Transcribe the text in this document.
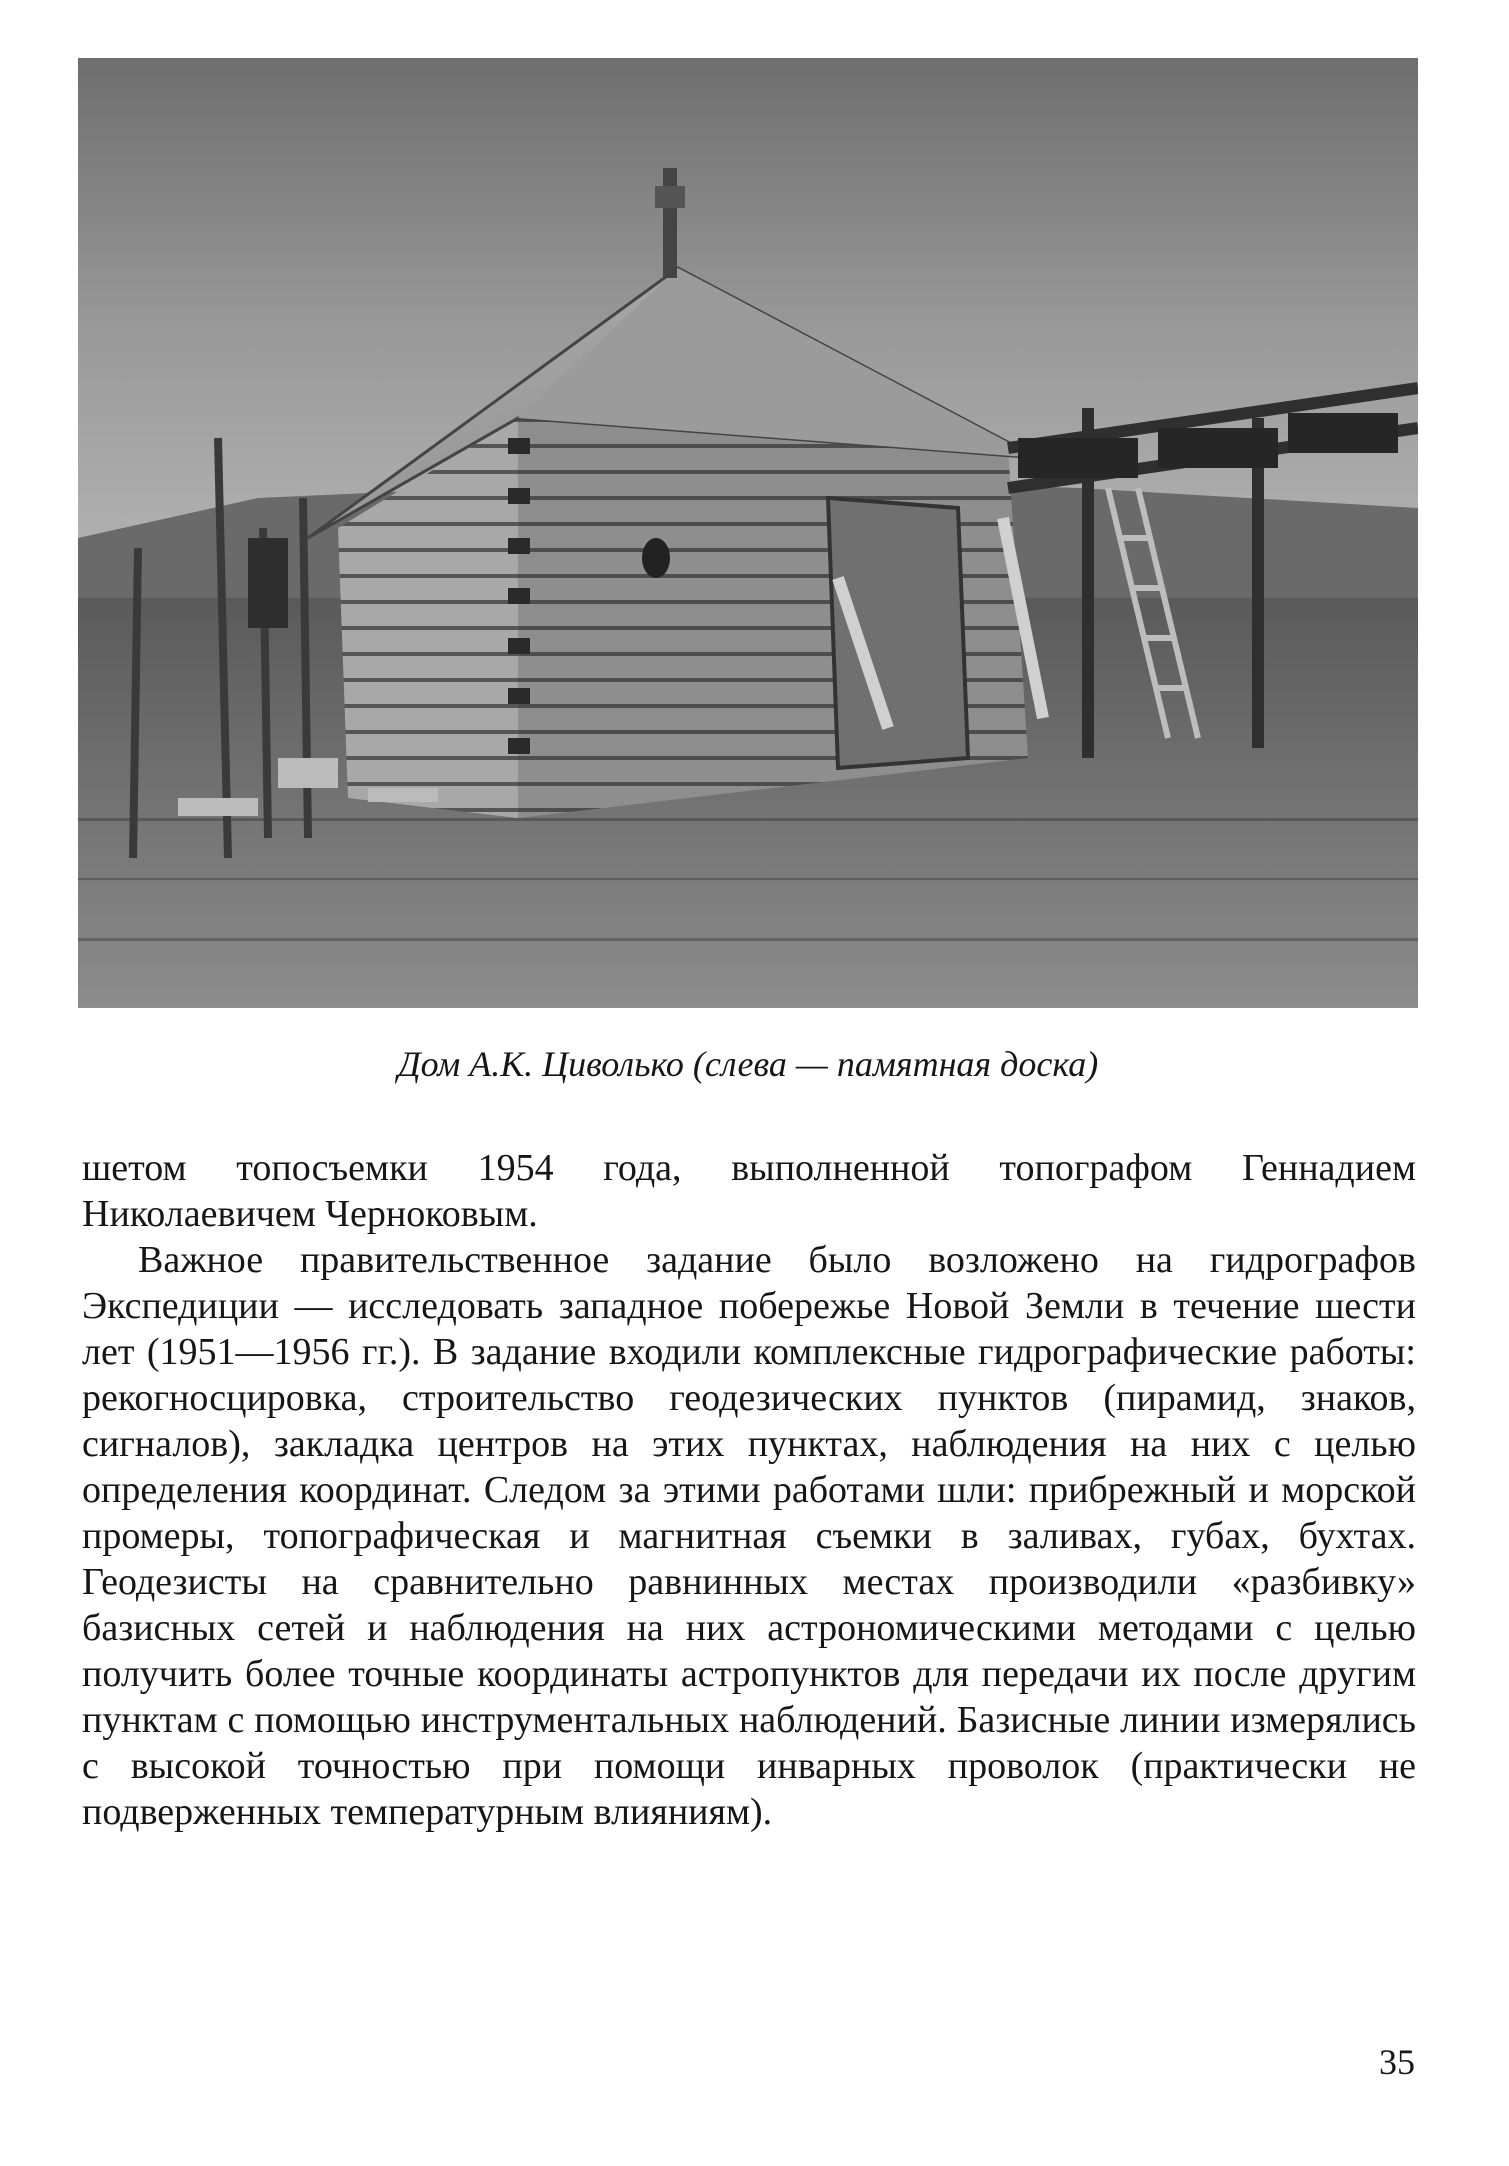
Дом А.К. Циволько (слева — памятная доска)

шетом топосъемки 1954 года, выполненной топографом Геннадием Николаевичем Черноковым.

Важное правительственное задание было возложено на гидрографов Экспедиции — исследовать западное побережье Новой Земли в течение шести лет (1951—1956 гг.). В задание входили комплексные гидрографические работы: рекогносцировка, строительство геодезических пунктов (пирамид, знаков, сигналов), закладка центров на этих пунктах, наблюдения на них с целью определения координат. Следом за этими работами шли: прибрежный и морской промеры, топографическая и магнитная съемки в заливах, губах, бухтах. Геодезисты на сравнительно равнинных местах производили «разбивку» базисных сетей и наблюдения на них астрономическими методами с целью получить более точные координаты астропунктов для передачи их после другим пунктам с помощью инструментальных наблюдений. Базисные линии измерялись с высокой точностью при помощи инварных проволок (практически не подверженных температурным влияниям).

35
